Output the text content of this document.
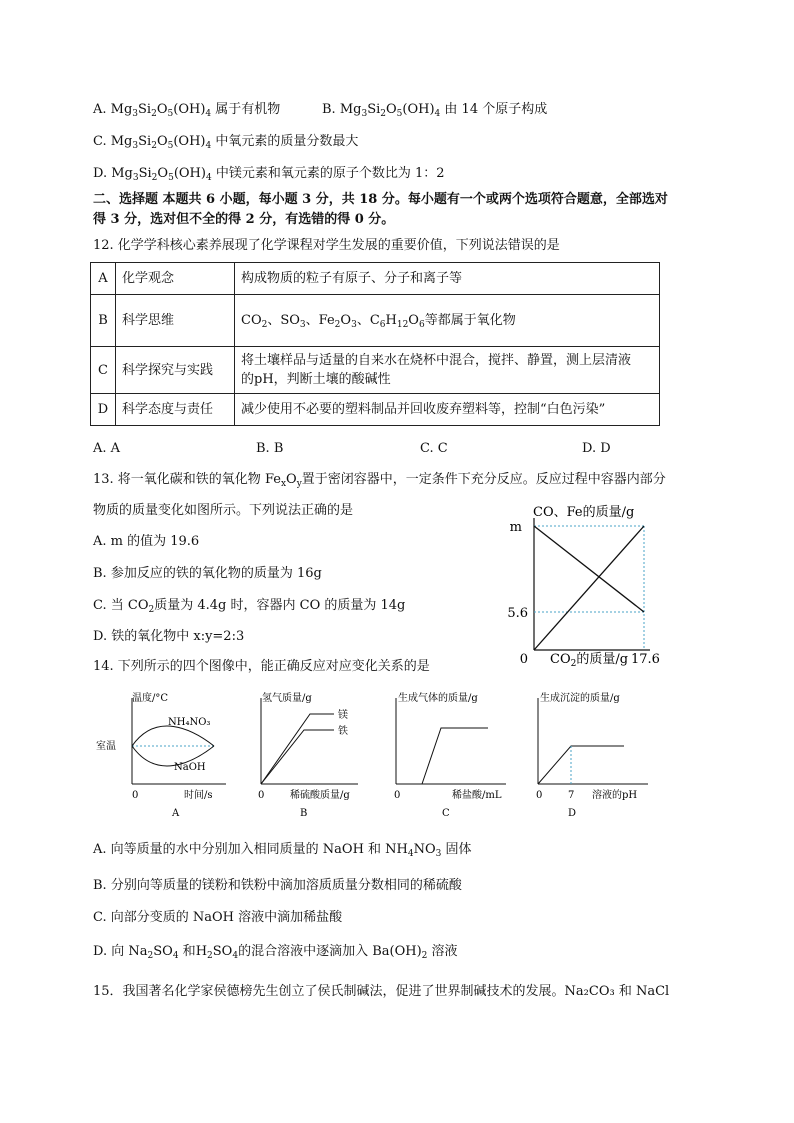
A. $Mg_3Si_2O_5(OH)_4$ 属于有机物	B. $Mg_3Si_2O_5(OH)_4$ 由 14 个原子构成
C. $Mg_3Si_2O_5(OH)_4$ 中氧元素的质量分数最大
D. $Mg_3Si_2O_5(OH)_4$ 中镁元素和氧元素的原子个数比为 1：2
二、选择题 本题共 6 小题，每小题 3 分，共 18 分。每小题有一个或两个选项符合题意，全部选对
得 3 分，选对但不全的得 2 分，有选错的得 0 分。
12. 化学学科核心素养展现了化学课程对学生发展的重要价值，下列说法错误的是
A	化学观念	构成物质的粒子有原子、分子和离子等
B	科学思维	$CO_2$、$SO_3$、$Fe_2O_3$、$C_6H_{12}O_6$等都属于氧化物
C	科学探究与实践	将土壤样品与适量的自来水在烧杯中混合，搅拌、静置，测上层清液
的pH，判断土壤的酸碱性

D	科学态度与责任	减少使用不必要的塑料制品并回收废弃塑料等，控制“白色污染”
A. A	B. B	C. C	D. D
13. 将一氧化碳和铁的氧化物 $Fe_xO_y$置于密闭容器中，一定条件下充分反应。反应过程中容器内部分
物质的质量变化如图所示。下列说法正确的是
A. m 的值为 19.6
B. 参加反应的铁的氧化物的质量为 16g
C. 当 $CO_2$质量为 4.4g 时，容器内 CO 的质量为 14g
D. 铁的氧化物中 x:y=2:3
CO、Fe的质量/g
m
5.6
0 $CO_2$的质量/g 17.6
14. 下列所示的四个图像中，能正确反应对应变化关系的是
温度/°C
室温
NH₄NO₃
NaOH
0	时间/s
A
氢气质量/g
镁
铁
0	稀硫酸质量/g
B
生成气体的质量/g
0	稀盐酸/mL
C
生成沉淀的质量/g
0	7 溶液的pH
D
A. 向等质量的水中分别加入相同质量的 NaOH 和 $NH_4NO_3$ 固体
B. 分别向等质量的镁粉和铁粉中滴加溶质质量分数相同的稀硫酸
C. 向部分变质的 NaOH 溶液中滴加稀盐酸
D. 向 $Na_2SO_4$ 和$H_2SO_4$的混合溶液中逐滴加入 $Ba(OH)_2$ 溶液
15．我国著名化学家侯德榜先生创立了侯氏制碱法，促进了世界制碱技术的发展。Na₂CO₃ 和 NaCl
